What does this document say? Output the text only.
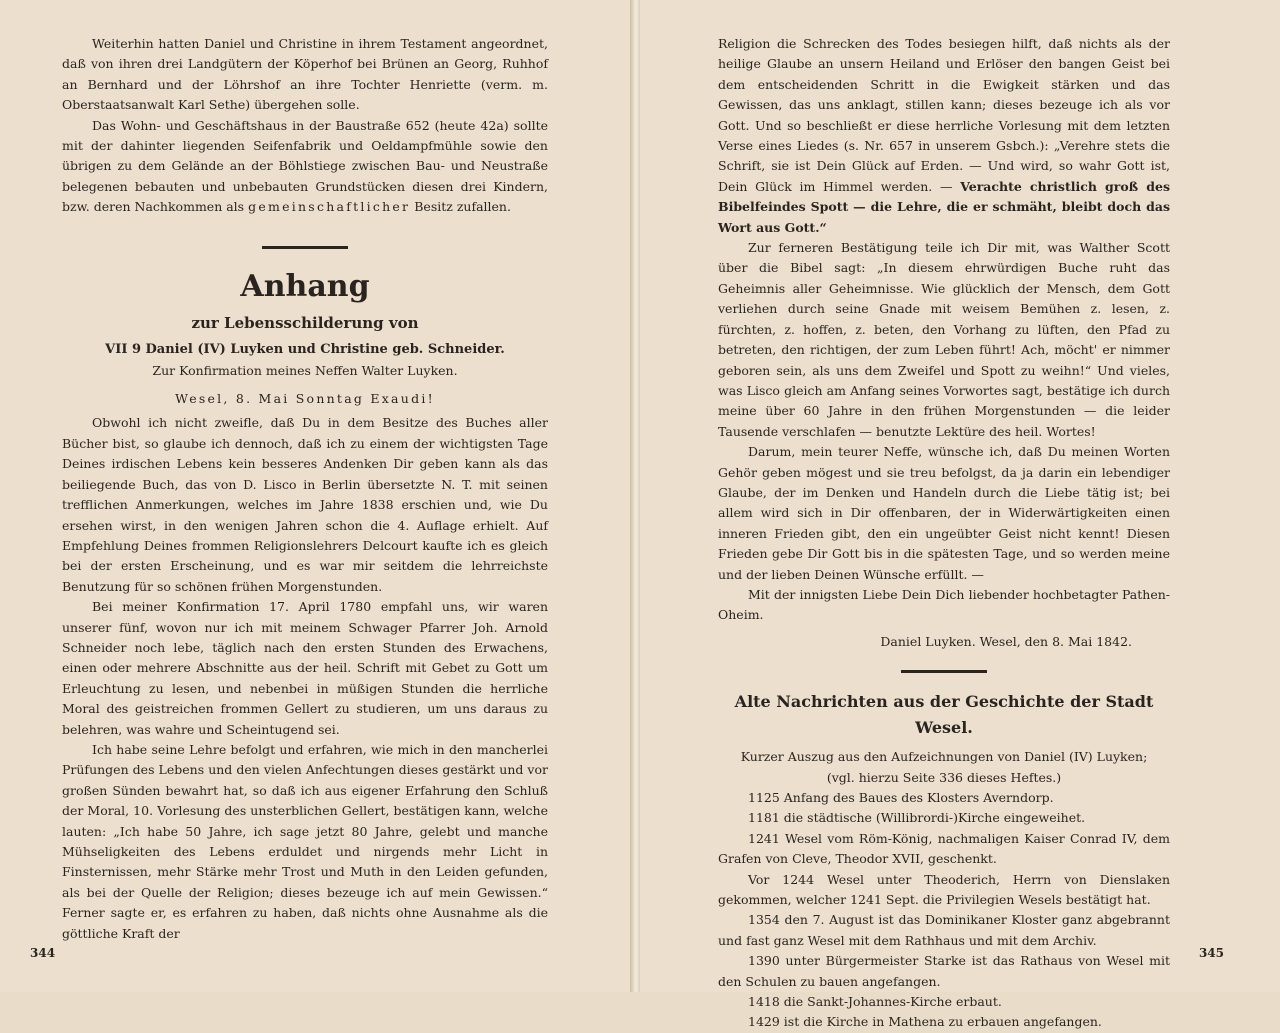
Weiterhin hatten Daniel und Christine in ihrem Testament angeordnet, daß von ihren drei Landgütern der Köperhof bei Brünen an Georg, Ruhhof an Bernhard und der Löhrshof an ihre Tochter Henriette (verm. m. Oberstaatsanwalt Karl Sethe) übergehen solle.

Das Wohn- und Geschäftshaus in der Baustraße 652 (heute 42a) sollte mit der dahinter liegenden Seifenfabrik und Oeldampfmühle sowie den übrigen zu dem Gelände an der Böhlstiege zwischen Bau- und Neustraße belegenen bebauten und unbebauten Grundstücken diesen drei Kindern, bzw. deren Nachkommen als gemeinschaftlicher Besitz zufallen.

Anhang
zur Lebensschilderung von
VII 9 Daniel (IV) Luyken und Christine geb. Schneider.

Zur Konfirmation meines Neffen Walter Luyken.

Wesel, 8. Mai Sonntag Exaudi!

Obwohl ich nicht zweifle, daß Du in dem Besitze des Buches aller Bücher bist, so glaube ich dennoch, daß ich zu einem der wichtigsten Tage Deines irdischen Lebens kein besseres Andenken Dir geben kann als das beiliegende Buch, das von D. Lisco in Berlin übersetzte N. T. mit seinen trefflichen Anmerkungen, welches im Jahre 1838 erschien und, wie Du ersehen wirst, in den wenigen Jahren schon die 4. Auflage erhielt. Auf Empfehlung Deines frommen Religionslehrers Delcourt kaufte ich es gleich bei der ersten Erscheinung, und es war mir seitdem die lehrreichste Benutzung für so schönen frühen Morgenstunden.

Bei meiner Konfirmation 17. April 1780 empfahl uns, wir waren unserer fünf, wovon nur ich mit meinem Schwager Pfarrer Joh. Arnold Schneider noch lebe, täglich nach den ersten Stunden des Erwachens, einen oder mehrere Abschnitte aus der heil. Schrift mit Gebet zu Gott um Erleuchtung zu lesen, und nebenbei in müßigen Stunden die herrliche Moral des geistreichen frommen Gellert zu studieren, um uns daraus zu belehren, was wahre und Scheintugend sei.

Ich habe seine Lehre befolgt und erfahren, wie mich in den mancherlei Prüfungen des Lebens und den vielen Anfechtungen dieses gestärkt und vor großen Sünden bewahrt hat, so daß ich aus eigener Erfahrung den Schluß der Moral, 10. Vorlesung des unsterblichen Gellert, bestätigen kann, welche lauten: „Ich habe 50 Jahre, ich sage jetzt 80 Jahre, gelebt und manche Mühseligkeiten des Lebens erduldet und nirgends mehr Licht in Finsternissen, mehr Stärke mehr Trost und Muth in den Leiden gefunden, als bei der Quelle der Religion; dieses bezeuge ich auf mein Gewissen.“ Ferner sagte er, es erfahren zu haben, daß nichts ohne Ausnahme als die göttliche Kraft der

344

Religion die Schrecken des Todes besiegen hilft, daß nichts als der heilige Glaube an unsern Heiland und Erlöser den bangen Geist bei dem entscheidenden Schritt in die Ewigkeit stärken und das Gewissen, das uns anklagt, stillen kann; dieses bezeuge ich als vor Gott. Und so beschließt er diese herrliche Vorlesung mit dem letzten Verse eines Liedes (s. Nr. 657 in unserem Gsbch.): „Verehre stets die Schrift, sie ist Dein Glück auf Erden. — Und wird, so wahr Gott ist, Dein Glück im Himmel werden. — Verachte christlich groß des Bibelfeindes Spott — die Lehre, die er schmäht, bleibt doch das Wort aus Gott.“

Zur ferneren Bestätigung teile ich Dir mit, was Walther Scott über die Bibel sagt: „In diesem ehrwürdigen Buche ruht das Geheimnis aller Geheimnisse. Wie glücklich der Mensch, dem Gott verliehen durch seine Gnade mit weisem Bemühen z. lesen, z. fürchten, z. hoffen, z. beten, den Vorhang zu lüften, den Pfad zu betreten, den richtigen, der zum Leben führt! Ach, möcht' er nimmer geboren sein, als uns dem Zweifel und Spott zu weihn!“ Und vieles, was Lisco gleich am Anfang seines Vorwortes sagt, bestätige ich durch meine über 60 Jahre in den frühen Morgenstunden — die leider Tausende verschlafen — benutzte Lektüre des heil. Wortes!

Darum, mein teurer Neffe, wünsche ich, daß Du meinen Worten Gehör geben mögest und sie treu befolgst, da ja darin ein lebendiger Glaube, der im Denken und Handeln durch die Liebe tätig ist; bei allem wird sich in Dir offenbaren, der in Widerwärtigkeiten einen inneren Frieden gibt, den ein ungeübter Geist nicht kennt! Diesen Frieden gebe Dir Gott bis in die spätesten Tage, und so werden meine und der lieben Deinen Wünsche erfüllt. —

Mit der innigsten Liebe Dein Dich liebender hochbetagter Pathen-Oheim.

Daniel Luyken. Wesel, den 8. Mai 1842.

Alte Nachrichten aus der Geschichte der Stadt Wesel.

Kurzer Auszug aus den Aufzeichnungen von Daniel (IV) Luyken;

(vgl. hierzu Seite 336 dieses Heftes.)

1125 Anfang des Baues des Klosters Averndorp.

1181 die städtische (Willibrordi-)Kirche eingeweihet.

1241 Wesel vom Röm-König, nachmaligen Kaiser Conrad IV, dem Grafen von Cleve, Theodor XVII, geschenkt.

Vor 1244 Wesel unter Theoderich, Herrn von Dienslaken gekommen, welcher 1241 Sept. die Privilegien Wesels bestätigt hat.

1354 den 7. August ist das Dominikaner Kloster ganz abgebrannt und fast ganz Wesel mit dem Rathhaus und mit dem Archiv.

1390 unter Bürgermeister Starke ist das Rathaus von Wesel mit den Schulen zu bauen angefangen.

1418 die Sankt-Johannes-Kirche erbaut.

1429 ist die Kirche in Mathena zu erbauen angefangen.

345
